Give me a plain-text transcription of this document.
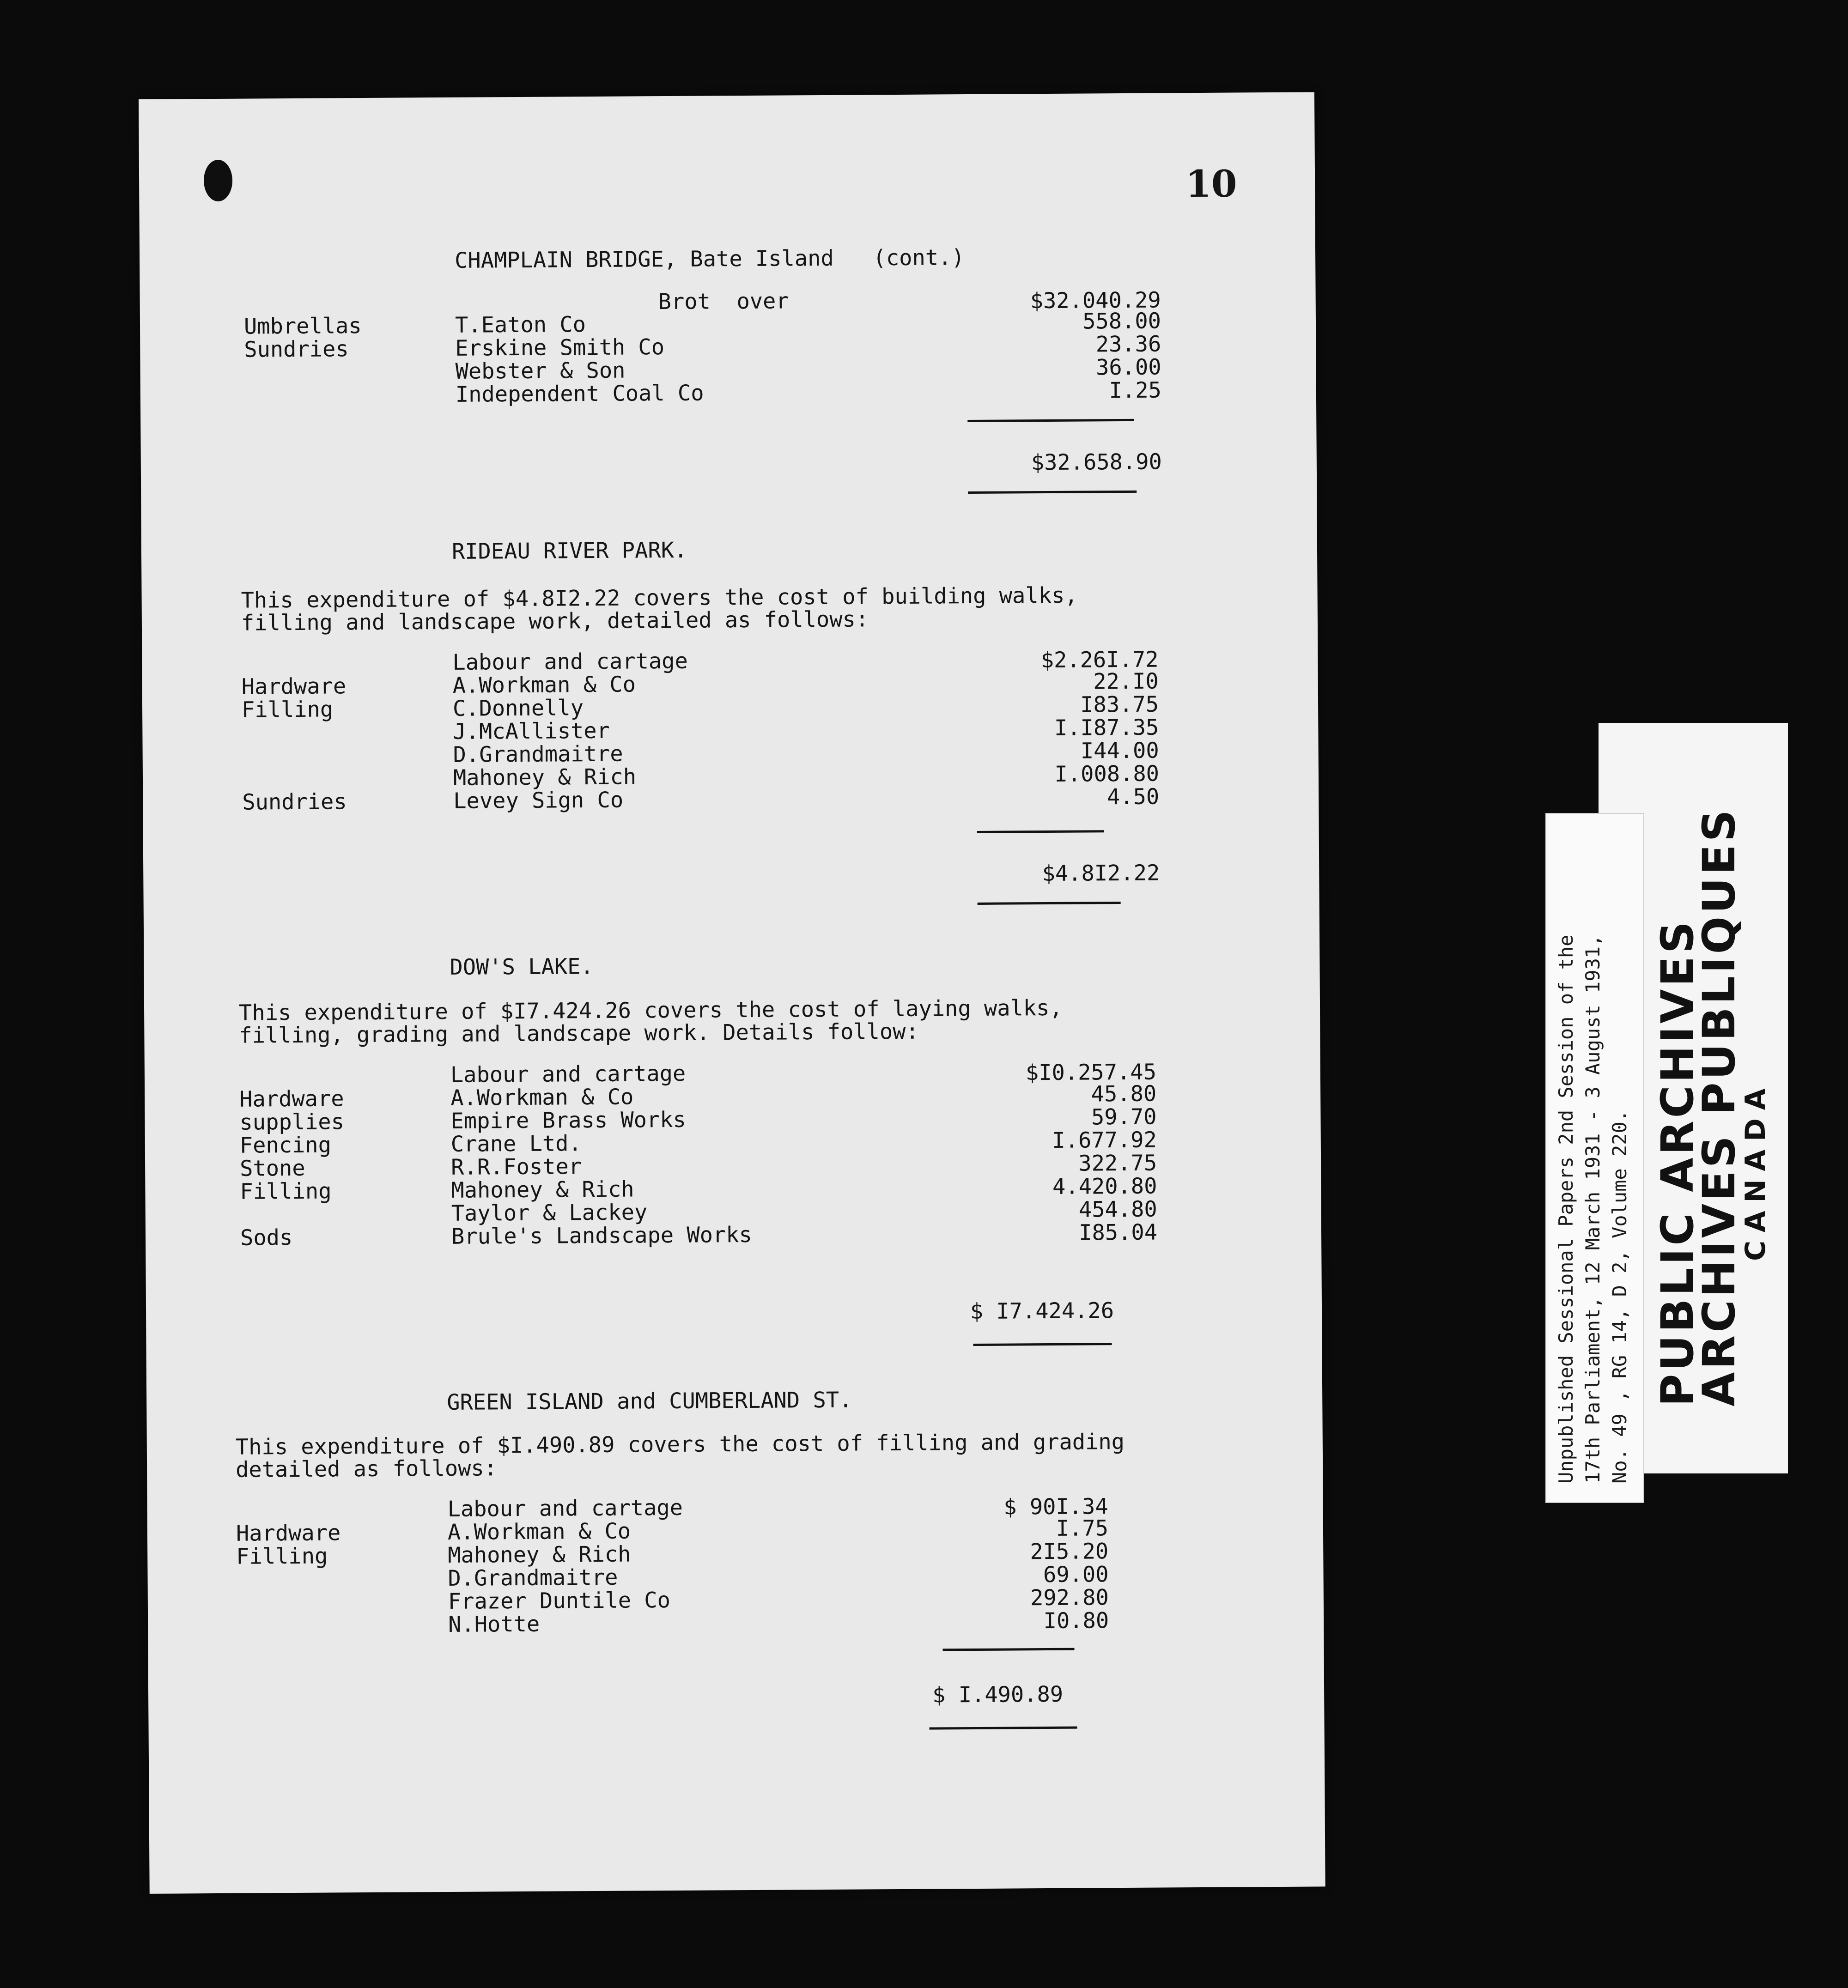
10
CHAMPLAIN BRIDGE, Bate Island   (cont.)
Brot  over	$32.040.29
Umbrellas	T.Eaton Co	558.00
Sundries	Erskine Smith Co	23.36
Webster & Son	36.00
Independent Coal Co	I.25
$32.658.90
RIDEAU RIVER PARK.
This expenditure of $4.8I2.22 covers the cost of building walks,
filling and landscape work, detailed as follows:
Labour and cartage	$2.26I.72
Hardware	A.Workman & Co	22.I0
Filling	C.Donnelly	I83.75
J.McAllister	I.I87.35
D.Grandmaitre	I44.00
Mahoney & Rich	I.008.80
Sundries	Levey Sign Co	4.50
$4.8I2.22
DOW'S LAKE.
This expenditure of $I7.424.26 covers the cost of laying walks,
filling, grading and landscape work. Details follow:
Labour and cartage	$I0.257.45
Hardware	A.Workman & Co	45.80
supplies	Empire Brass Works	59.70
Fencing	Crane Ltd.	I.677.92
Stone	R.R.Foster	322.75
Filling	Mahoney & Rich	4.420.80
Taylor & Lackey	454.80
Sods	Brule's Landscape Works	I85.04
$ I7.424.26
GREEN ISLAND and CUMBERLAND ST.
This expenditure of $I.490.89 covers the cost of filling and grading
detailed as follows:
Labour and cartage	$ 90I.34
Hardware	A.Workman & Co	I.75
Filling	Mahoney & Rich	2I5.20
D.Grandmaitre	69.00
Frazer Duntile Co	292.80
N.Hotte	I0.80
$ I.490.89
PUBLIC ARCHIVES
ARCHIVES PUBLIQUES
CANADA
Unpublished Sessional Papers 2nd Session of the 17th Parliament, 12 March 1931 - 3 August 1931, No. 49 , RG 14, D 2, Volume 220.
